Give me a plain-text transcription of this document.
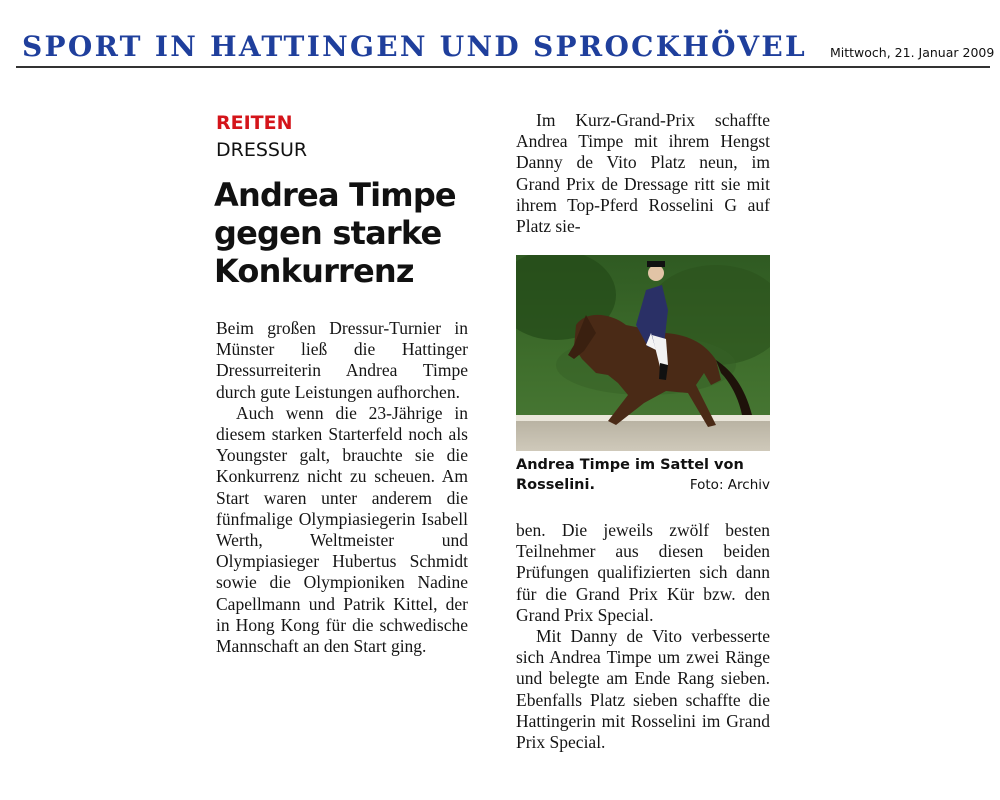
SPORT IN HATTINGEN UND SPROCKHÖVEL Mittwoch, 21. Januar 2009
REITEN
DRESSUR
Andrea Timpe gegen starke Konkurrenz

Beim großen Dressur-Turnier in Münster ließ die Hattinger Dressurreiterin Andrea Timpe durch gute Leistungen aufhorchen.

Auch wenn die 23-Jährige in diesem starken Starterfeld noch als Youngster galt, brauchte sie die Konkurrenz nicht zu scheuen. Am Start waren unter anderem die fünfmalige Olympiasiegerin Isabell Werth, Weltmeister und Olympiasieger Hubertus Schmidt sowie die Olympioniken Nadine Capellmann und Patrik Kittel, der in Hong Kong für die schwedische Mannschaft an den Start ging.

Im Kurz-Grand-Prix schaffte Andrea Timpe mit ihrem Hengst Danny de Vito Platz neun, im Grand Prix de Dressage ritt sie mit ihrem Top-Pferd Rosselini G auf Platz sie-

Andrea Timpe im Sattel von Rosselini.	Foto: Archiv

ben. Die jeweils zwölf besten Teilnehmer aus diesen beiden Prüfungen qualifizierten sich dann für die Grand Prix Kür bzw. den Grand Prix Special.

Mit Danny de Vito verbesserte sich Andrea Timpe um zwei Ränge und belegte am Ende Rang sieben. Ebenfalls Platz sieben schaffte die Hattingerin mit Rosselini im Grand Prix Special.
